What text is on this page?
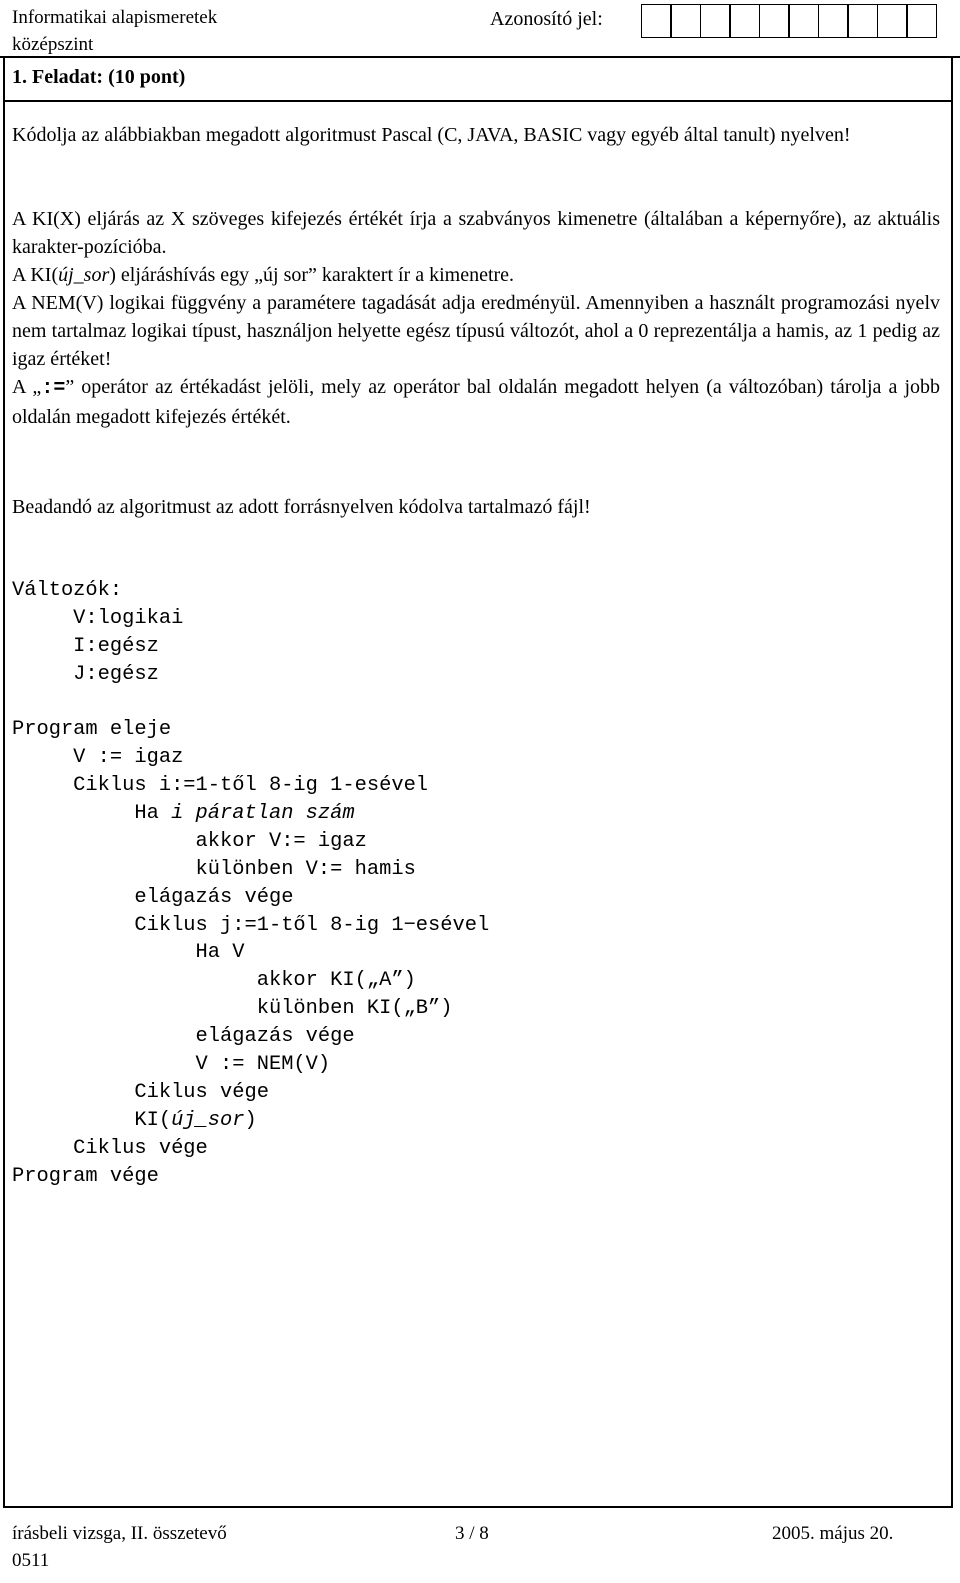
Informatikai alapismeretek
középszint
Azonosító jel:
1. Feladat: (10 pont)

Kódolja az alábbiakban megadott algoritmust Pascal (C, JAVA, BASIC vagy egyéb által tanult) nyelven!

A KI(X) eljárás az X szöveges kifejezés értékét írja a szabványos kimenetre (általában a képernyőre), az aktuális karakter-pozícióba.

A KI(új_sor) eljáráshívás egy „új sor” karaktert ír a kimenetre.

A NEM(V) logikai függvény a paramétere tagadását adja eredményül. Amennyiben a használt programozási nyelv nem tartalmaz logikai típust, használjon helyette egész típusú változót, ahol a 0 reprezentálja a hamis, az 1 pedig az igaz értéket!

A „:=” operátor az értékadást jelöli, mely az operátor bal oldalán megadott helyen (a változóban) tárolja a jobb oldalán megadott kifejezés értékét.

Beadandó az algoritmust az adott forrásnyelven kódolva tartalmazó fájl!

Változók:
V:logikai
I:egész
J:egész
Program eleje
V := igaz
Ciklus i:=1-től 8-ig 1-esével
Ha i páratlan szám
akkor V:= igaz
különben V:= hamis
elágazás vége
Ciklus j:=1-től 8-ig 1−esével
Ha V
akkor KI(„A”)
különben KI(„B”)
elágazás vége
V := NEM(V)
Ciklus vége
KI(új_sor)
Ciklus vége
Program vége

írásbeli vizsga, II. összetevő
0511
3 / 8	2005. május 20.
